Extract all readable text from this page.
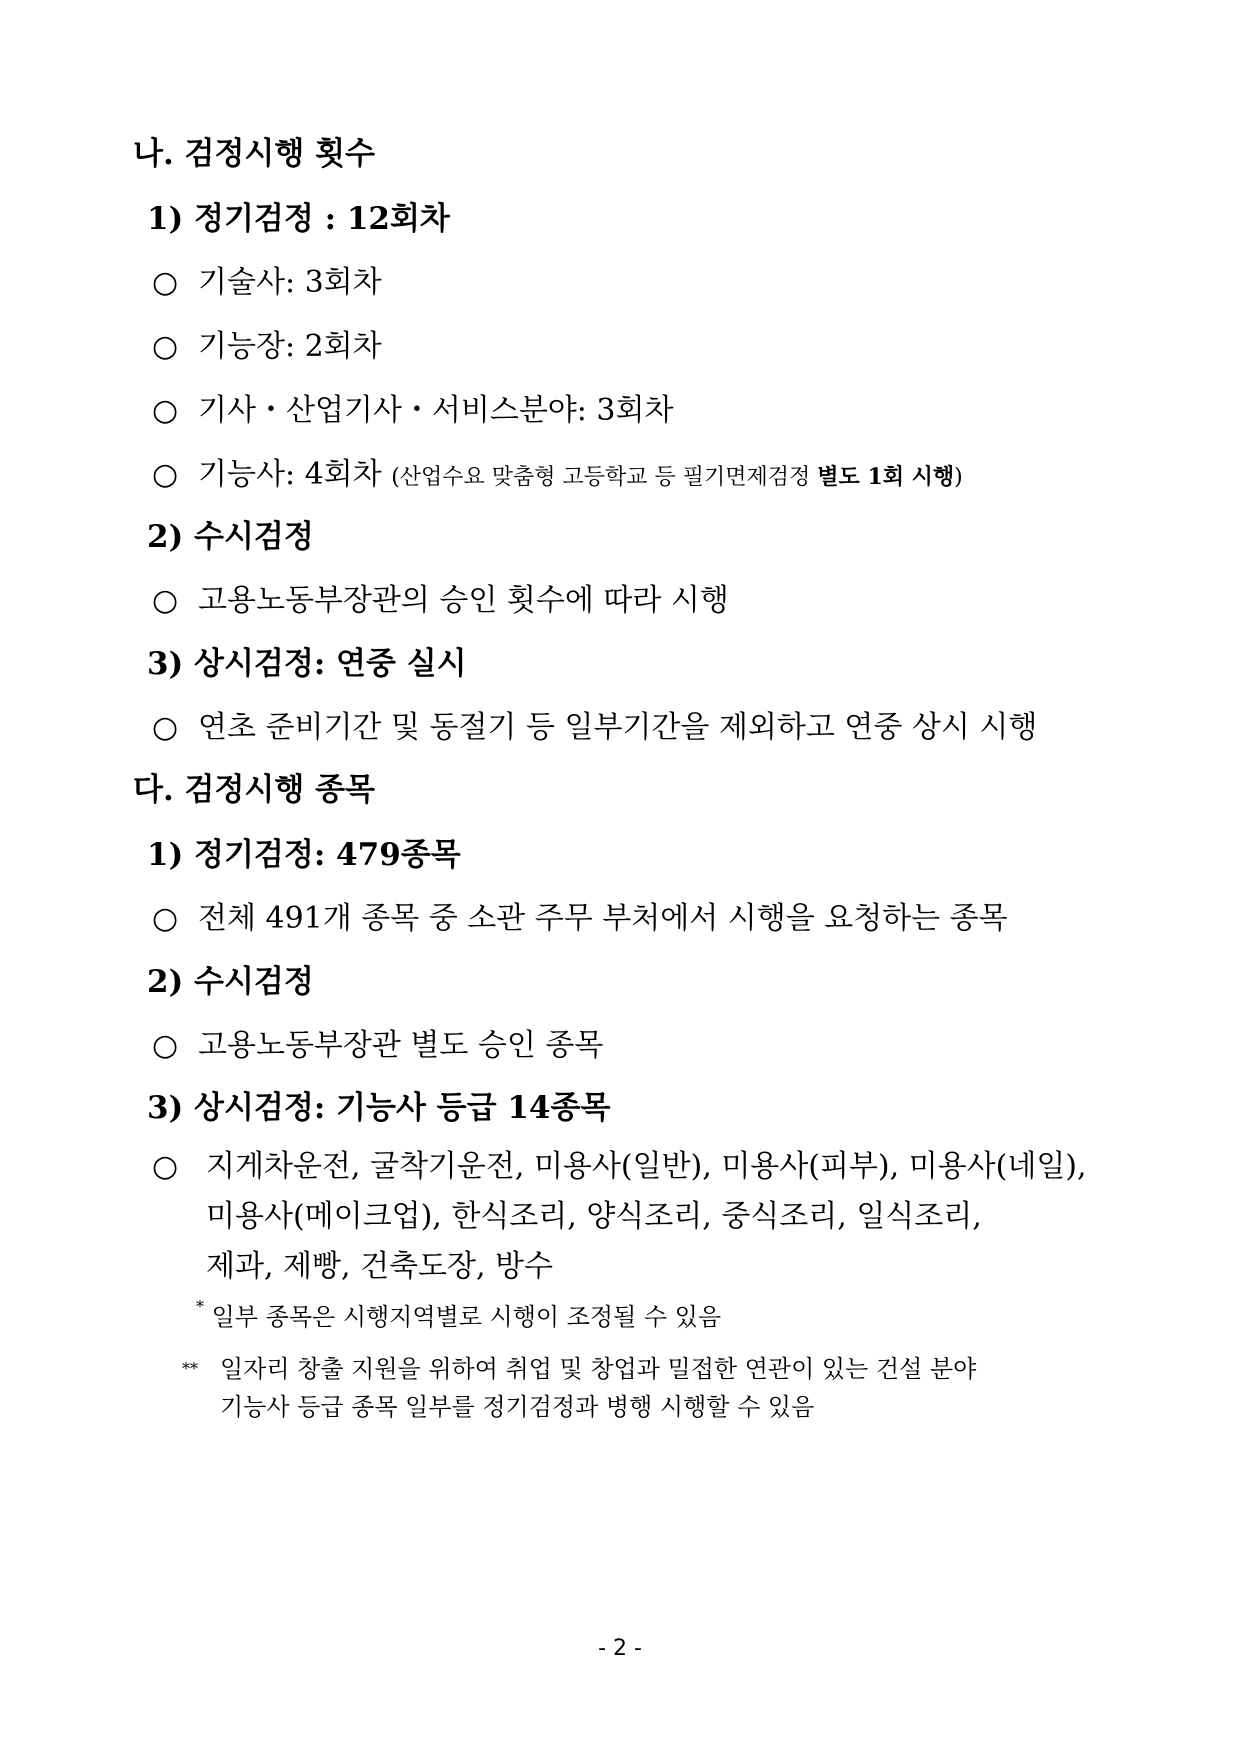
나. 검정시행 횟수
1) 정기검정 : 12회차
○ 기술사: 3회차
○ 기능장: 2회차
○ 기사・산업기사・서비스분야: 3회차
○ 기능사: 4회차 (산업수요 맞춤형 고등학교 등 필기면제검정 별도 1회 시행)
2) 수시검정
○ 고용노동부장관의 승인 횟수에 따라 시행
3) 상시검정: 연중 실시
○ 연초 준비기간 및 동절기 등 일부기간을 제외하고 연중 상시 시행
다. 검정시행 종목
1) 정기검정: 479종목
○ 전체 491개 종목 중 소관 주무 부처에서 시행을 요청하는 종목
2) 수시검정
○ 고용노동부장관 별도 승인 종목
3) 상시검정: 기능사 등급 14종목
○ 지게차운전, 굴착기운전, 미용사(일반), 미용사(피부), 미용사(네일),
미용사(메이크업), 한식조리, 양식조리, 중식조리, 일식조리,
제과, 제빵, 건축도장, 방수
* 일부 종목은 시행지역별로 시행이 조정될 수 있음
** 일자리 창출 지원을 위하여 취업 및 창업과 밀접한 연관이 있는 건설 분야
기능사 등급 종목 일부를 정기검정과 병행 시행할 수 있음
- 2 -
